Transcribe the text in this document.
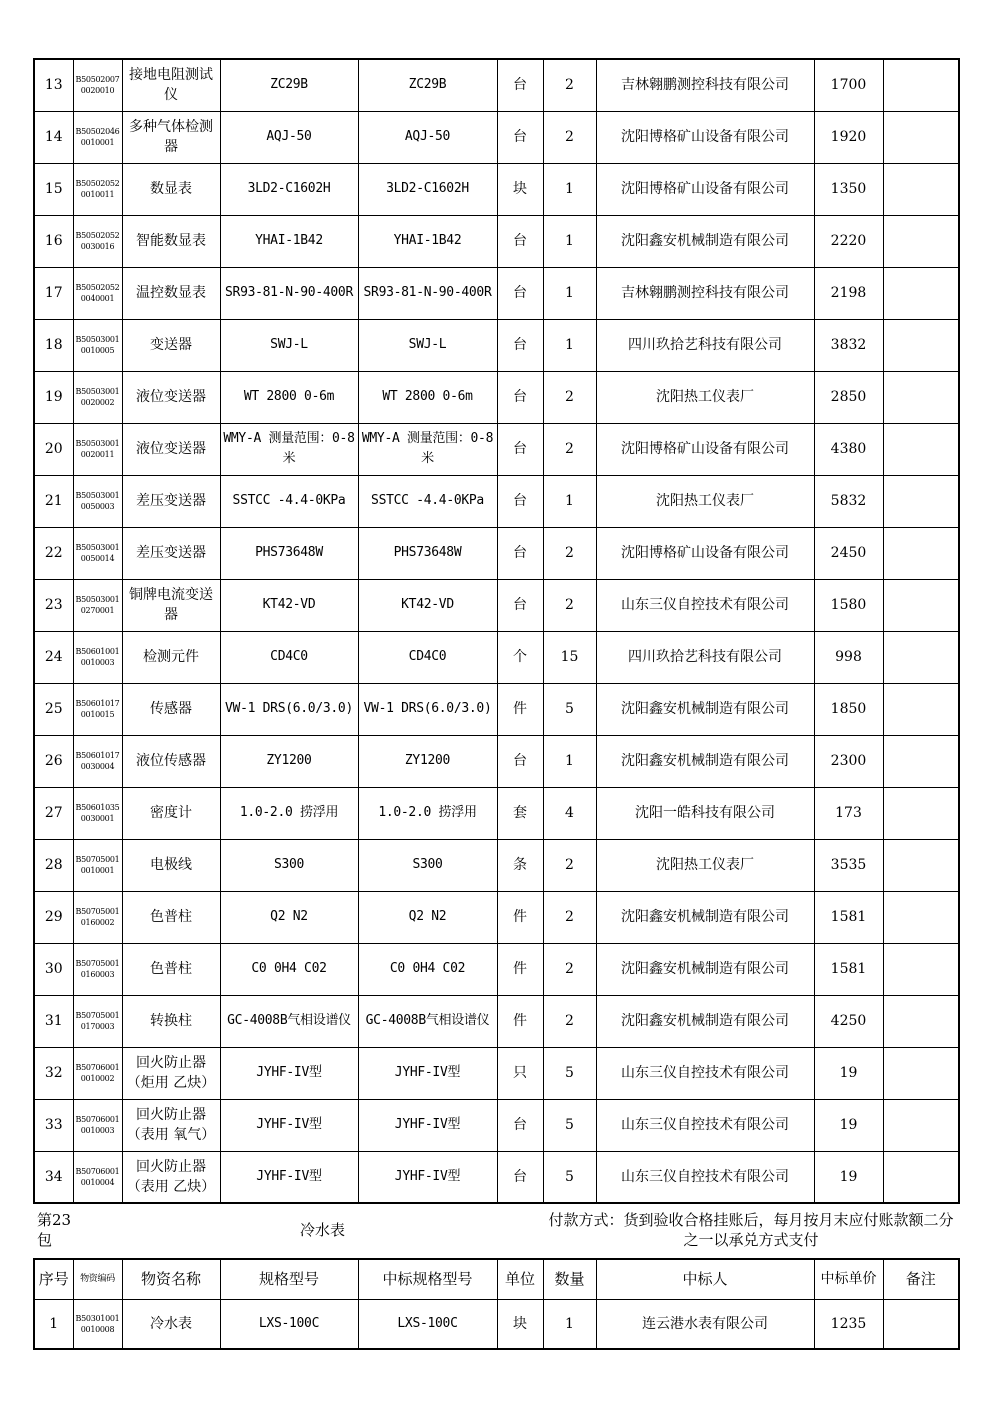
13	B505020070020010	接地电阻测试仪	ZC29B	ZC29B	台	2	吉林翱鹏测控科技有限公司	1700	
14	B505020460010001	多种气体检测器	AQJ-50	AQJ-50	台	2	沈阳博格矿山设备有限公司	1920	
15	B505020520010011	数显表	3LD2-C1602H	3LD2-C1602H	块	1	沈阳博格矿山设备有限公司	1350	
16	B505020520030016	智能数显表	YHAI-1B42	YHAI-1B42	台	1	沈阳鑫安机械制造有限公司	2220	
17	B505020520040001	温控数显表	SR93-81-N-90-400R	SR93-81-N-90-400R	台	1	吉林翱鹏测控科技有限公司	2198	
18	B505030010010005	变送器	SWJ-L	SWJ-L	台	1	四川玖拾艺科技有限公司	3832	
19	B505030010020002	液位变送器	WT 2800 0-6m	WT 2800 0-6m	台	2	沈阳热工仪表厂	2850	
20	B505030010020011	液位变送器	WMY-A 测量范围：0-8米	WMY-A 测量范围：0-8米	台	2	沈阳博格矿山设备有限公司	4380	
21	B505030010050003	差压变送器	SSTCC -4.4-0KPa	SSTCC -4.4-0KPa	台	1	沈阳热工仪表厂	5832	
22	B505030010050014	差压变送器	PHS73648W	PHS73648W	台	2	沈阳博格矿山设备有限公司	2450	
23	B505030010270001	铜牌电流变送器	KT42-VD	KT42-VD	台	2	山东三仪自控技术有限公司	1580	
24	B506010010010003	检测元件	CD4C0	CD4C0	个	15	四川玖拾艺科技有限公司	998	
25	B506010170010015	传感器	VW-1 DRS(6.0/3.0)	VW-1 DRS(6.0/3.0)	件	5	沈阳鑫安机械制造有限公司	1850	
26	B506010170030004	液位传感器	ZY1200	ZY1200	台	1	沈阳鑫安机械制造有限公司	2300	
27	B506010350030001	密度计	1.0-2.0 捞浮用	1.0-2.0 捞浮用	套	4	沈阳一皓科技有限公司	173	
28	B507050010010001	电极线	S300	S300	条	2	沈阳热工仪表厂	3535	
29	B507050010160002	色普柱	Q2 N2	Q2 N2	件	2	沈阳鑫安机械制造有限公司	1581	
30	B507050010160003	色普柱	C0 0H4 C02	C0 0H4 C02	件	2	沈阳鑫安机械制造有限公司	1581	
31	B507050010170003	转换柱	GC-4008B气相设谱仪	GC-4008B气相设谱仪	件	2	沈阳鑫安机械制造有限公司	4250	
32	B507060010010002	回火防止器（炬用 乙炔）	JYHF-IV型	JYHF-IV型	只	5	山东三仪自控技术有限公司	19	
33	B507060010010003	回火防止器（表用 氧气）	JYHF-IV型	JYHF-IV型	台	5	山东三仪自控技术有限公司	19	
34	B507060010010004	回火防止器（表用 乙炔）	JYHF-IV型	JYHF-IV型	台	5	山东三仪自控技术有限公司	19	
第23包
冷水表
付款方式：货到验收合格挂账后，每月按月末应付账款额二分之一以承兑方式支付
序号	物资编码	物资名称	规格型号	中标规格型号	单位	数量	中标人	中标单价	备注
1	B503010010010008	冷水表	LXS-100C	LXS-100C	块	1	连云港水表有限公司	1235	
